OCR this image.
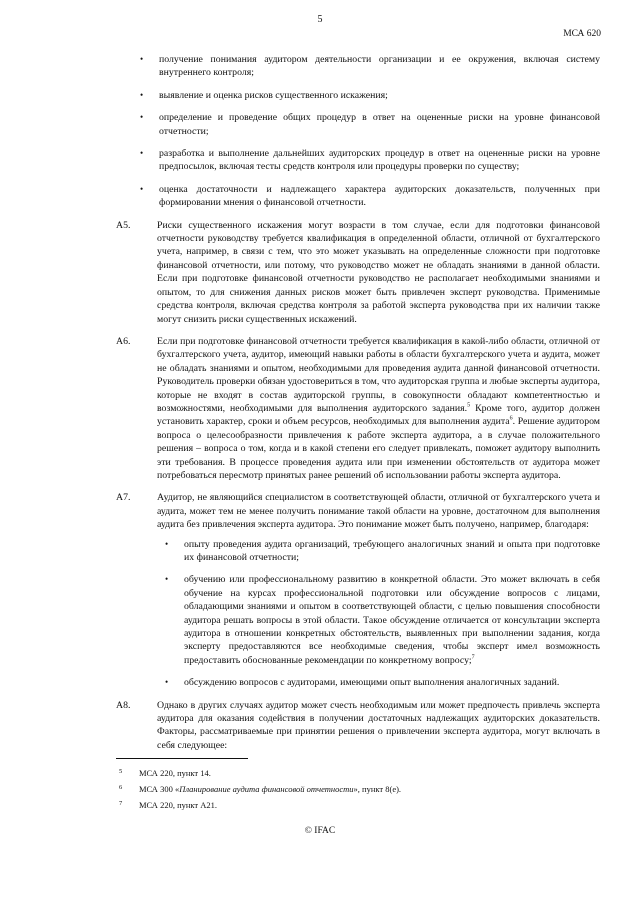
5
МСА 620
• получение понимания аудитором деятельности организации и ее окружения, включая систему внутреннего контроля;
• выявление и оценка рисков существенного искажения;
• определение и проведение общих процедур в ответ на оцененные риски на уровне финансовой отчетности;
• разработка и выполнение дальнейших аудиторских процедур в ответ на оцененные риски на уровне предпосылок, включая тесты средств контроля или процедуры проверки по существу;
• оценка достаточности и надлежащего характера аудиторских доказательств, полученных при формировании мнения о финансовой отчетности.
А5.	Риски существенного искажения могут возрасти в том случае, если для подготовки финансовой отчетности руководству требуется квалификация в определенной области, отличной от бухгалтерского учета, например, в связи с тем, что это может указывать на определенные сложности при подготовке финансовой отчетности, или потому, что руководство может не обладать знаниями в данной области. Если при подготовке финансовой отчетности руководство не располагает необходимыми знаниями и опытом, то для снижения данных рисков может быть привлечен эксперт руководства. Применимые средства контроля, включая средства контроля за работой эксперта руководства при их наличии также могут снизить риски существенных искажений.
А6.	Если при подготовке финансовой отчетности требуется квалификация в какой-либо области, отличной от бухгалтерского учета, аудитор, имеющий навыки работы в области бухгалтерского учета и аудита, может не обладать знаниями и опытом, необходимыми для проведения аудита данной финансовой отчетности. Руководитель проверки обязан удостовериться в том, что аудиторская группа и любые эксперты аудитора, которые не входят в состав аудиторской группы, в совокупности обладают компетентностью и возможностями, необходимыми для выполнения аудиторского задания.$^5$ Кроме того, аудитор должен установить характер, сроки и объем ресурсов, необходимых для выполнения аудита$^6$. Решение аудитором вопроса о целесообразности привлечения к работе эксперта аудитора, а в случае положительного решения – вопроса о том, когда и в какой степени его следует привлекать, поможет аудитору выполнить эти требования. В процессе проведения аудита или при изменении обстоятельств от аудитора может потребоваться пересмотр принятых ранее решений об использовании работы эксперта аудитора.
А7.	Аудитор, не являющийся специалистом в соответствующей области, отличной от бухгалтерского учета и аудита, может тем не менее получить понимание такой области на уровне, достаточном для выполнения аудита без привлечения эксперта аудитора. Это понимание может быть получено, например, благодаря:
• опыту проведения аудита организаций, требующего аналогичных знаний и опыта при подготовке их финансовой отчетности;
• обучению или профессиональному развитию в конкретной области. Это может включать в себя обучение на курсах профессиональной подготовки или обсуждение вопросов с лицами, обладающими знаниями и опытом в соответствующей области, с целью повышения способности аудитора решать вопросы в этой области. Такое обсуждение отличается от консультации эксперта аудитора в отношении конкретных обстоятельств, выявленных при выполнении задания, когда эксперту предоставляются все необходимые сведения, чтобы эксперт имел возможность предоставить обоснованные рекомендации по конкретному вопросу;$^7$
• обсуждению вопросов с аудиторами, имеющими опыт выполнения аналогичных заданий.
А8.	Однако в других случаях аудитор может счесть необходимым или может предпочесть привлечь эксперта аудитора для оказания содействия в получении достаточных надлежащих аудиторских доказательств. Факторы, рассматриваемые при принятии решения о привлечении эксперта аудитора, могут включать в себя следующее:
5 МСА 220, пункт 14.
6 МСА 300 «Планирование аудита финансовой отчетности», пункт 8(e).
7 МСА 220, пункт А21.
© IFAC
